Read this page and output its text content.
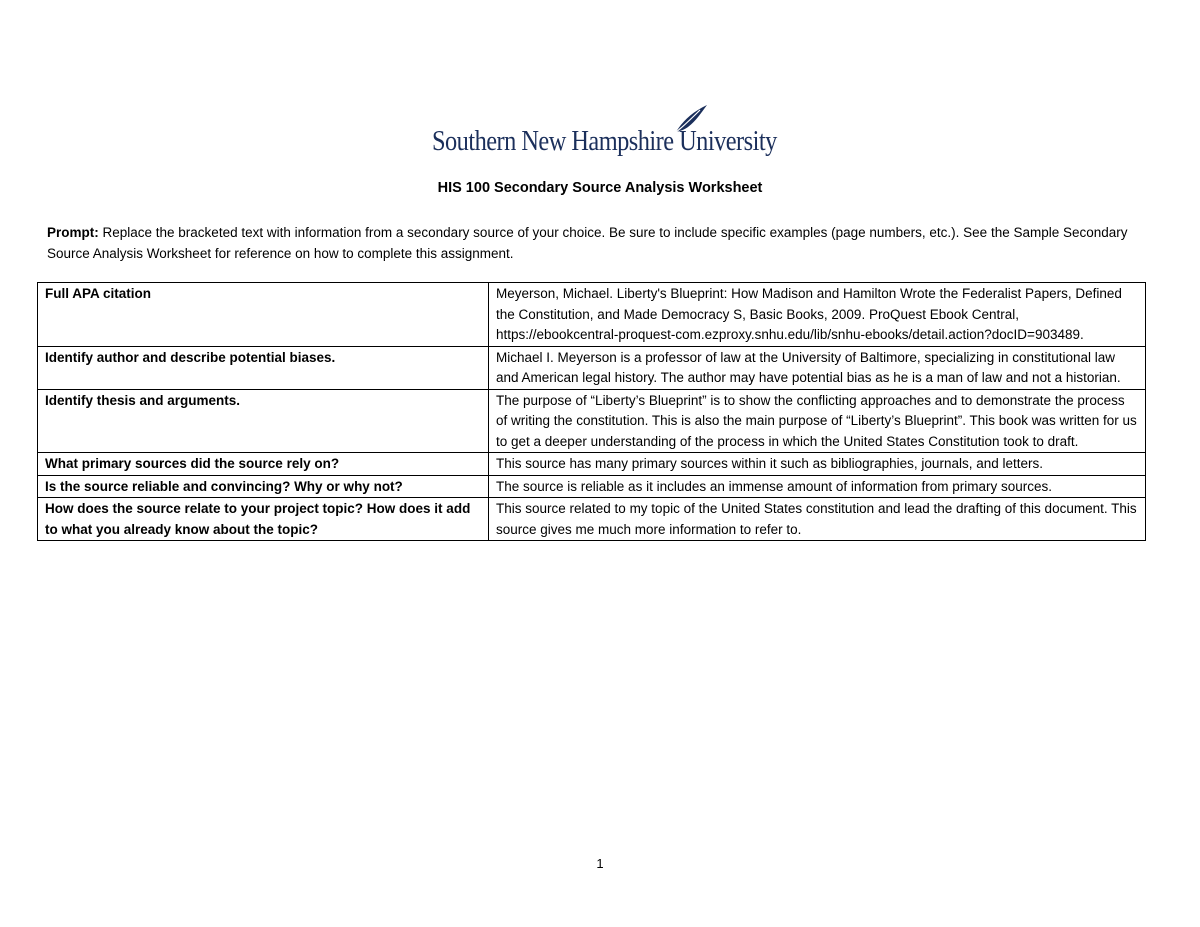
Southern New Hampshire University
HIS 100 Secondary Source Analysis Worksheet
Prompt: Replace the bracketed text with information from a secondary source of your choice. Be sure to include specific examples (page numbers, etc.). See the Sample Secondary Source Analysis Worksheet for reference on how to complete this assignment.
Full APA citation	Meyerson, Michael. Liberty's Blueprint: How Madison and Hamilton Wrote the Federalist Papers, Defined the Constitution, and Made Democracy S, Basic Books, 2009. ProQuest Ebook Central, https://ebookcentral-proquest-com.ezproxy.snhu.edu/lib/snhu-ebooks/detail.action?docID=903489.
Identify author and describe potential biases.	Michael I. Meyerson is a professor of law at the University of Baltimore, specializing in constitutional law and American legal history. The author may have potential bias as he is a man of law and not a historian.
Identify thesis and arguments.	The purpose of “Liberty’s Blueprint” is to show the conflicting approaches and to demonstrate the process of writing the constitution. This is also the main purpose of “Liberty’s Blueprint”. This book was written for us to get a deeper understanding of the process in which the United States Constitution took to draft.
What primary sources did the source rely on?	This source has many primary sources within it such as bibliographies, journals, and letters.
Is the source reliable and convincing? Why or why not?	The source is reliable as it includes an immense amount of information from primary sources.
How does the source relate to your project topic? How does it add to what you already know about the topic?	This source related to my topic of the United States constitution and lead the drafting of this document. This source gives me much more information to refer to.
1
